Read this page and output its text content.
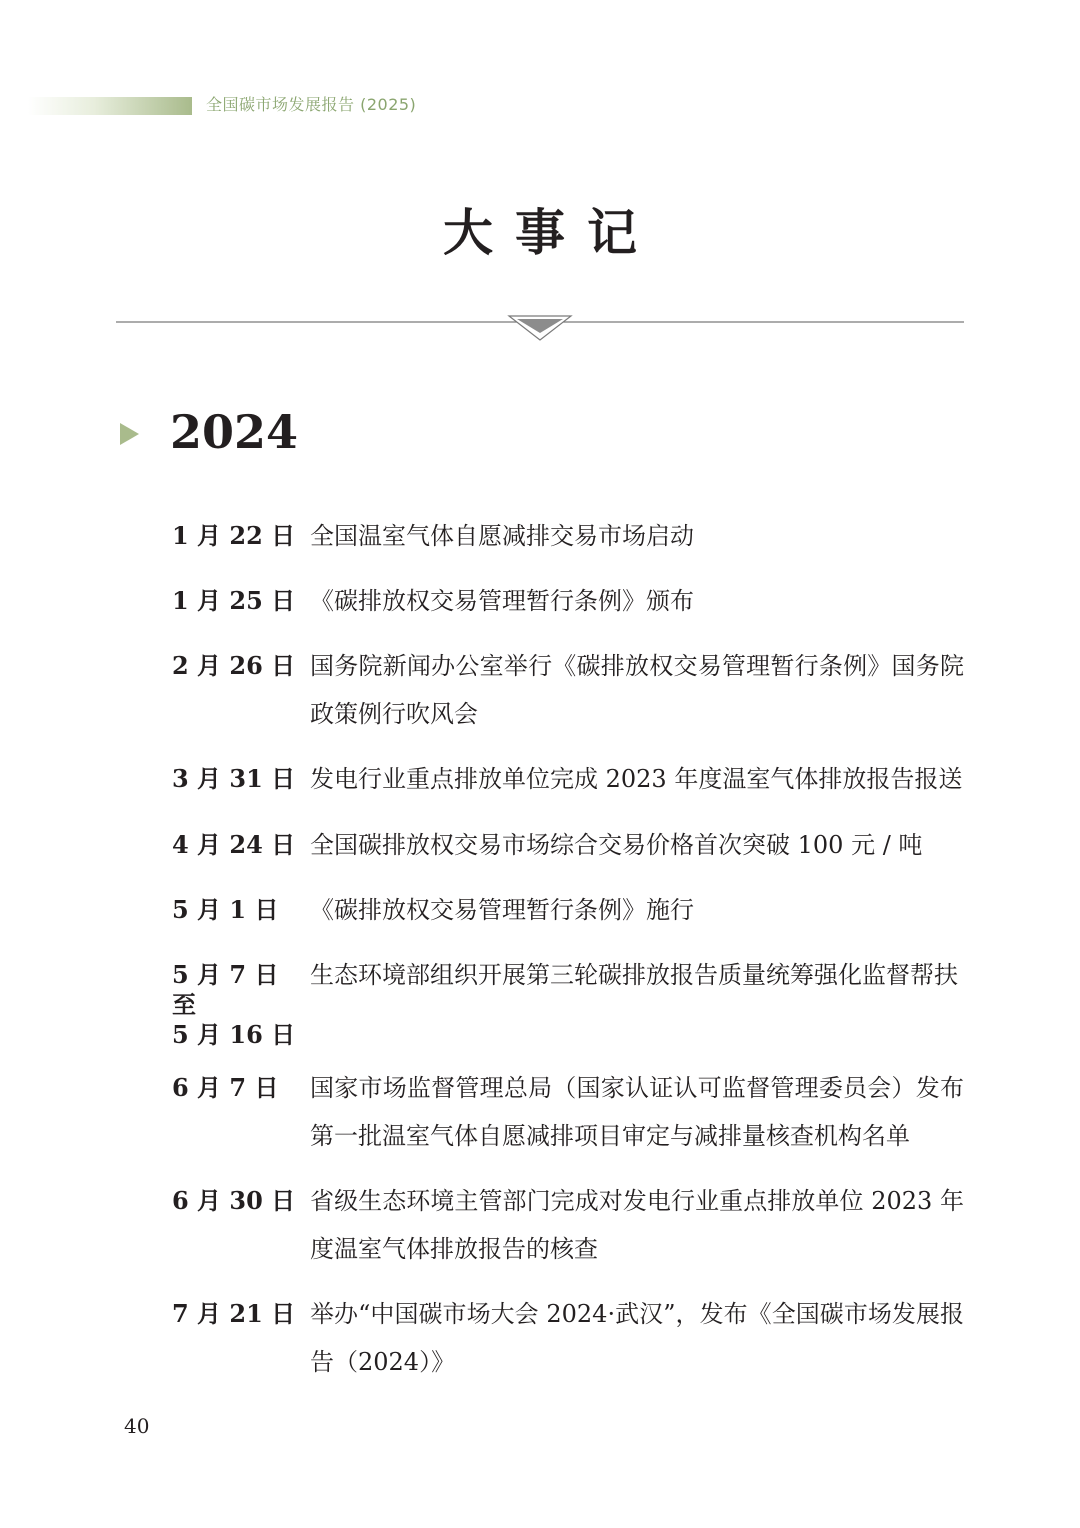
全国碳市场发展报告 (2025)
大事记
2024
1 月 22 日 全国温室气体自愿减排交易市场启动
1 月 25 日 《碳排放权交易管理暂行条例》颁布
2 月 26 日 国务院新闻办公室举行《碳排放权交易管理暂行条例》国务院政策例行吹风会
3 月 31 日 发电行业重点排放单位完成 2023 年度温室气体排放报告报送
4 月 24 日 全国碳排放权交易市场综合交易价格首次突破 100 元 / 吨
5 月 1 日	《碳排放权交易管理暂行条例》施行
5 月 7 日至
5 月 16 日
生态环境部组织开展第三轮碳排放报告质量统筹强化监督帮扶
6 月 7 日	国家市场监督管理总局（国家认证认可监督管理委员会）发布第一批温室气体自愿减排项目审定与减排量核查机构名单
6 月 30 日 省级生态环境主管部门完成对发电行业重点排放单位 2023 年度温室气体排放报告的核查
7 月 21 日 举办“中国碳市场大会 2024·武汉”，发布《全国碳市场发展报告（2024）》
40
